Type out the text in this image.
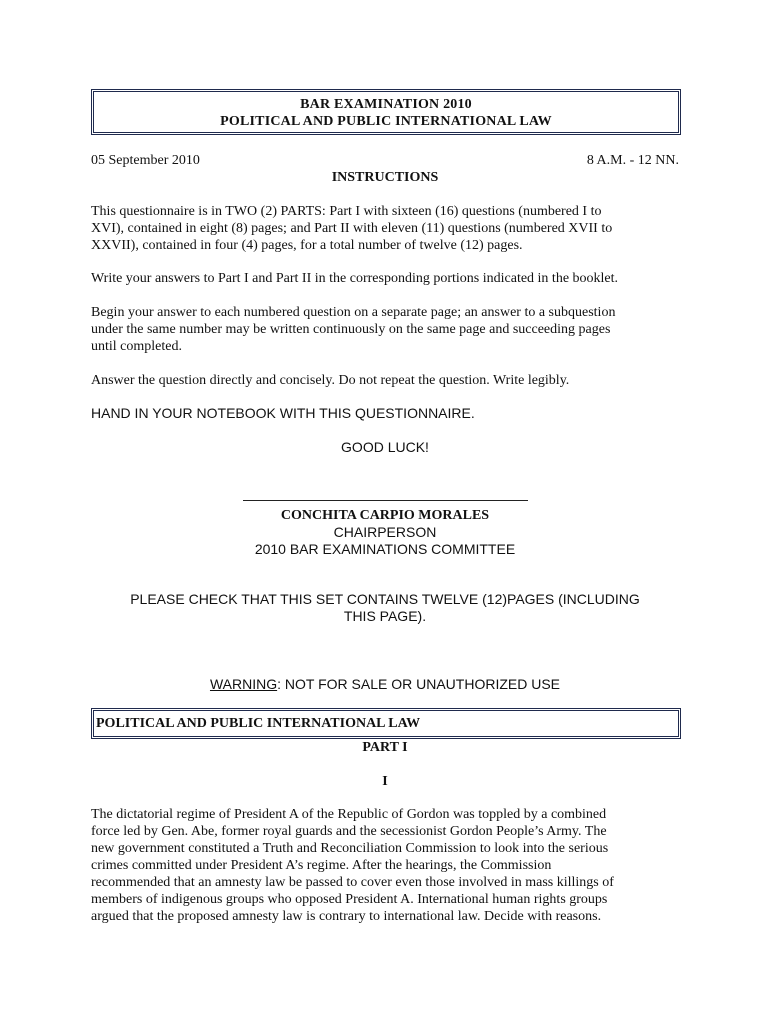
BAR EXAMINATION 2010
POLITICAL AND PUBLIC INTERNATIONAL LAW
05 September 2010	8 A.M. - 12 NN.
INSTRUCTIONS
This questionnaire is in TWO (2) PARTS: Part I with sixteen (16) questions (numbered I to
XVI), contained in eight (8) pages; and Part II with eleven (11) questions (numbered XVII to
XXVII), contained in four (4) pages, for a total number of twelve (12) pages.
Write your answers to Part I and Part II in the corresponding portions indicated in the booklet.
Begin your answer to each numbered question on a separate page; an answer to a subquestion
under the same number may be written continuously on the same page and succeeding pages
until completed.
Answer the question directly and concisely. Do not repeat the question. Write legibly.
HAND IN YOUR NOTEBOOK WITH THIS QUESTIONNAIRE.
GOOD LUCK!
CONCHITA CARPIO MORALES
CHAIRPERSON
2010 BAR EXAMINATIONS COMMITTEE
PLEASE CHECK THAT THIS SET CONTAINS TWELVE (12)PAGES (INCLUDING
THIS PAGE).
WARNING: NOT FOR SALE OR UNAUTHORIZED USE
POLITICAL AND PUBLIC INTERNATIONAL LAW
PART I
I
The dictatorial regime of President A of the Republic of Gordon was toppled by a combined
force led by Gen. Abe, former royal guards and the secessionist Gordon People’s Army. The
new government constituted a Truth and Reconciliation Commission to look into the serious
crimes committed under President A’s regime. After the hearings, the Commission
recommended that an amnesty law be passed to cover even those involved in mass killings of
members of indigenous groups who opposed President A. International human rights groups
argued that the proposed amnesty law is contrary to international law. Decide with reasons.
